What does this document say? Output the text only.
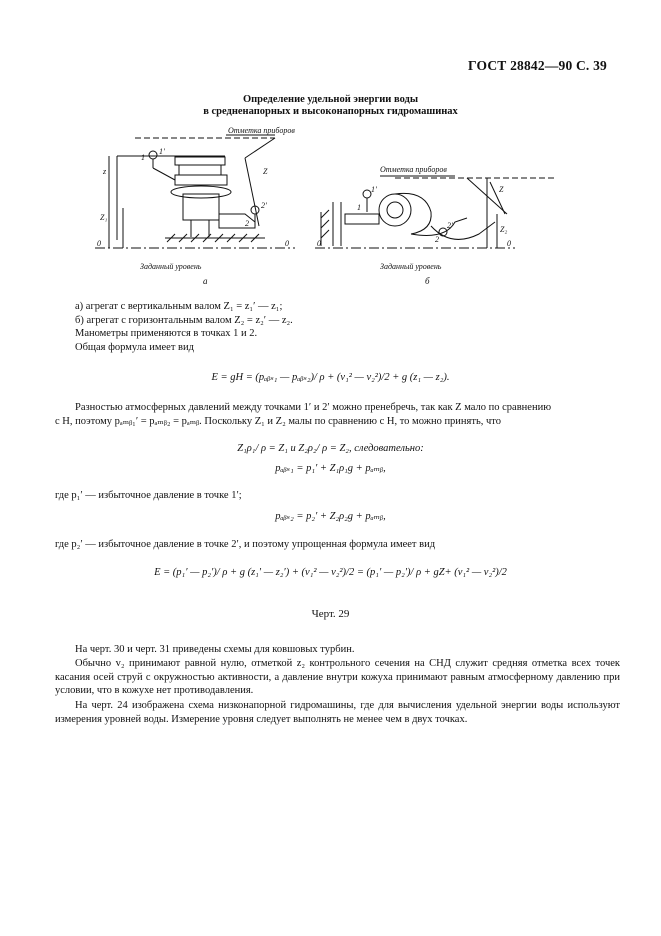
ГОСТ 28842—90 С. 39
Определение удельной энергии воды
в средненапорных и высоконапорных гидромашинах
Отметка приборов
Отметка приборов
Заданный уровень	Заданный уровень
а	б
0	0	0	0
z
Z₁
Z
1'
1
2
2'
Z
Z₂
1'
1
2'
2
а) агрегат с вертикальным валом Z₁ = z₁′ — z₁;
б) агрегат с горизонтальным валом Z₂ = z₂′ — z₂.
Манометры применяются в точках 1 и 2.
Общая формула имеет вид
E = gH = (pₐᵦₛ₁ — pₐᵦₛ₂)/ ρ + (v₁² — v₂²)/2 + g (z₁ — z₂).
Разностью атмосферных давлений между точками 1′ и 2′ можно пренебречь, так как Z мало по сравнению
с H, поэтому pₐₘᵦ₁′ = pₐₘᵦ₂ = pₐₘᵦ. Поскольку Z₁ и Z₂ малы по сравнению с H, то можно принять, что
Z₁ρ₁/ ρ = Z₁ и Z₂ρ₂/ ρ = Z₂, следовательно:
pₐᵦₛ₁ = p₁′ + Z₁ρ₁g + pₐₘᵦ,
где p₁′ — избыточное давление в точке 1′;
pₐᵦₛ₂ = p₂′ + Z₂ρ₂g + pₐₘᵦ,
где p₂′ — избыточное давление в точке 2′, и поэтому упрощенная формула имеет вид
E = (p₁′ — p₂′)/ ρ + g (z₁′ — z₂′) + (v₁² — v₂²)/2 = (p₁′ — p₂′)/ ρ + gZ+ (v₁² — v₂²)/2
Черт. 29
На черт. 30 и черт. 31 приведены схемы для ковшовых турбин.
Обычно v₂ принимают равной нулю, отметкой z₂ контрольного сечения на СНД служит средняя отметка всех точек касания осей струй с окружностью активности, а давление внутри кожуха принимают равным атмосферному давлению при условии, что в кожухе нет противодавления.
На черт. 24 изображена схема низконапорной гидромашины, где для вычисления удельной энергии воды используют измерения уровней воды. Измерение уровня следует выполнять не менее чем в двух точках.
